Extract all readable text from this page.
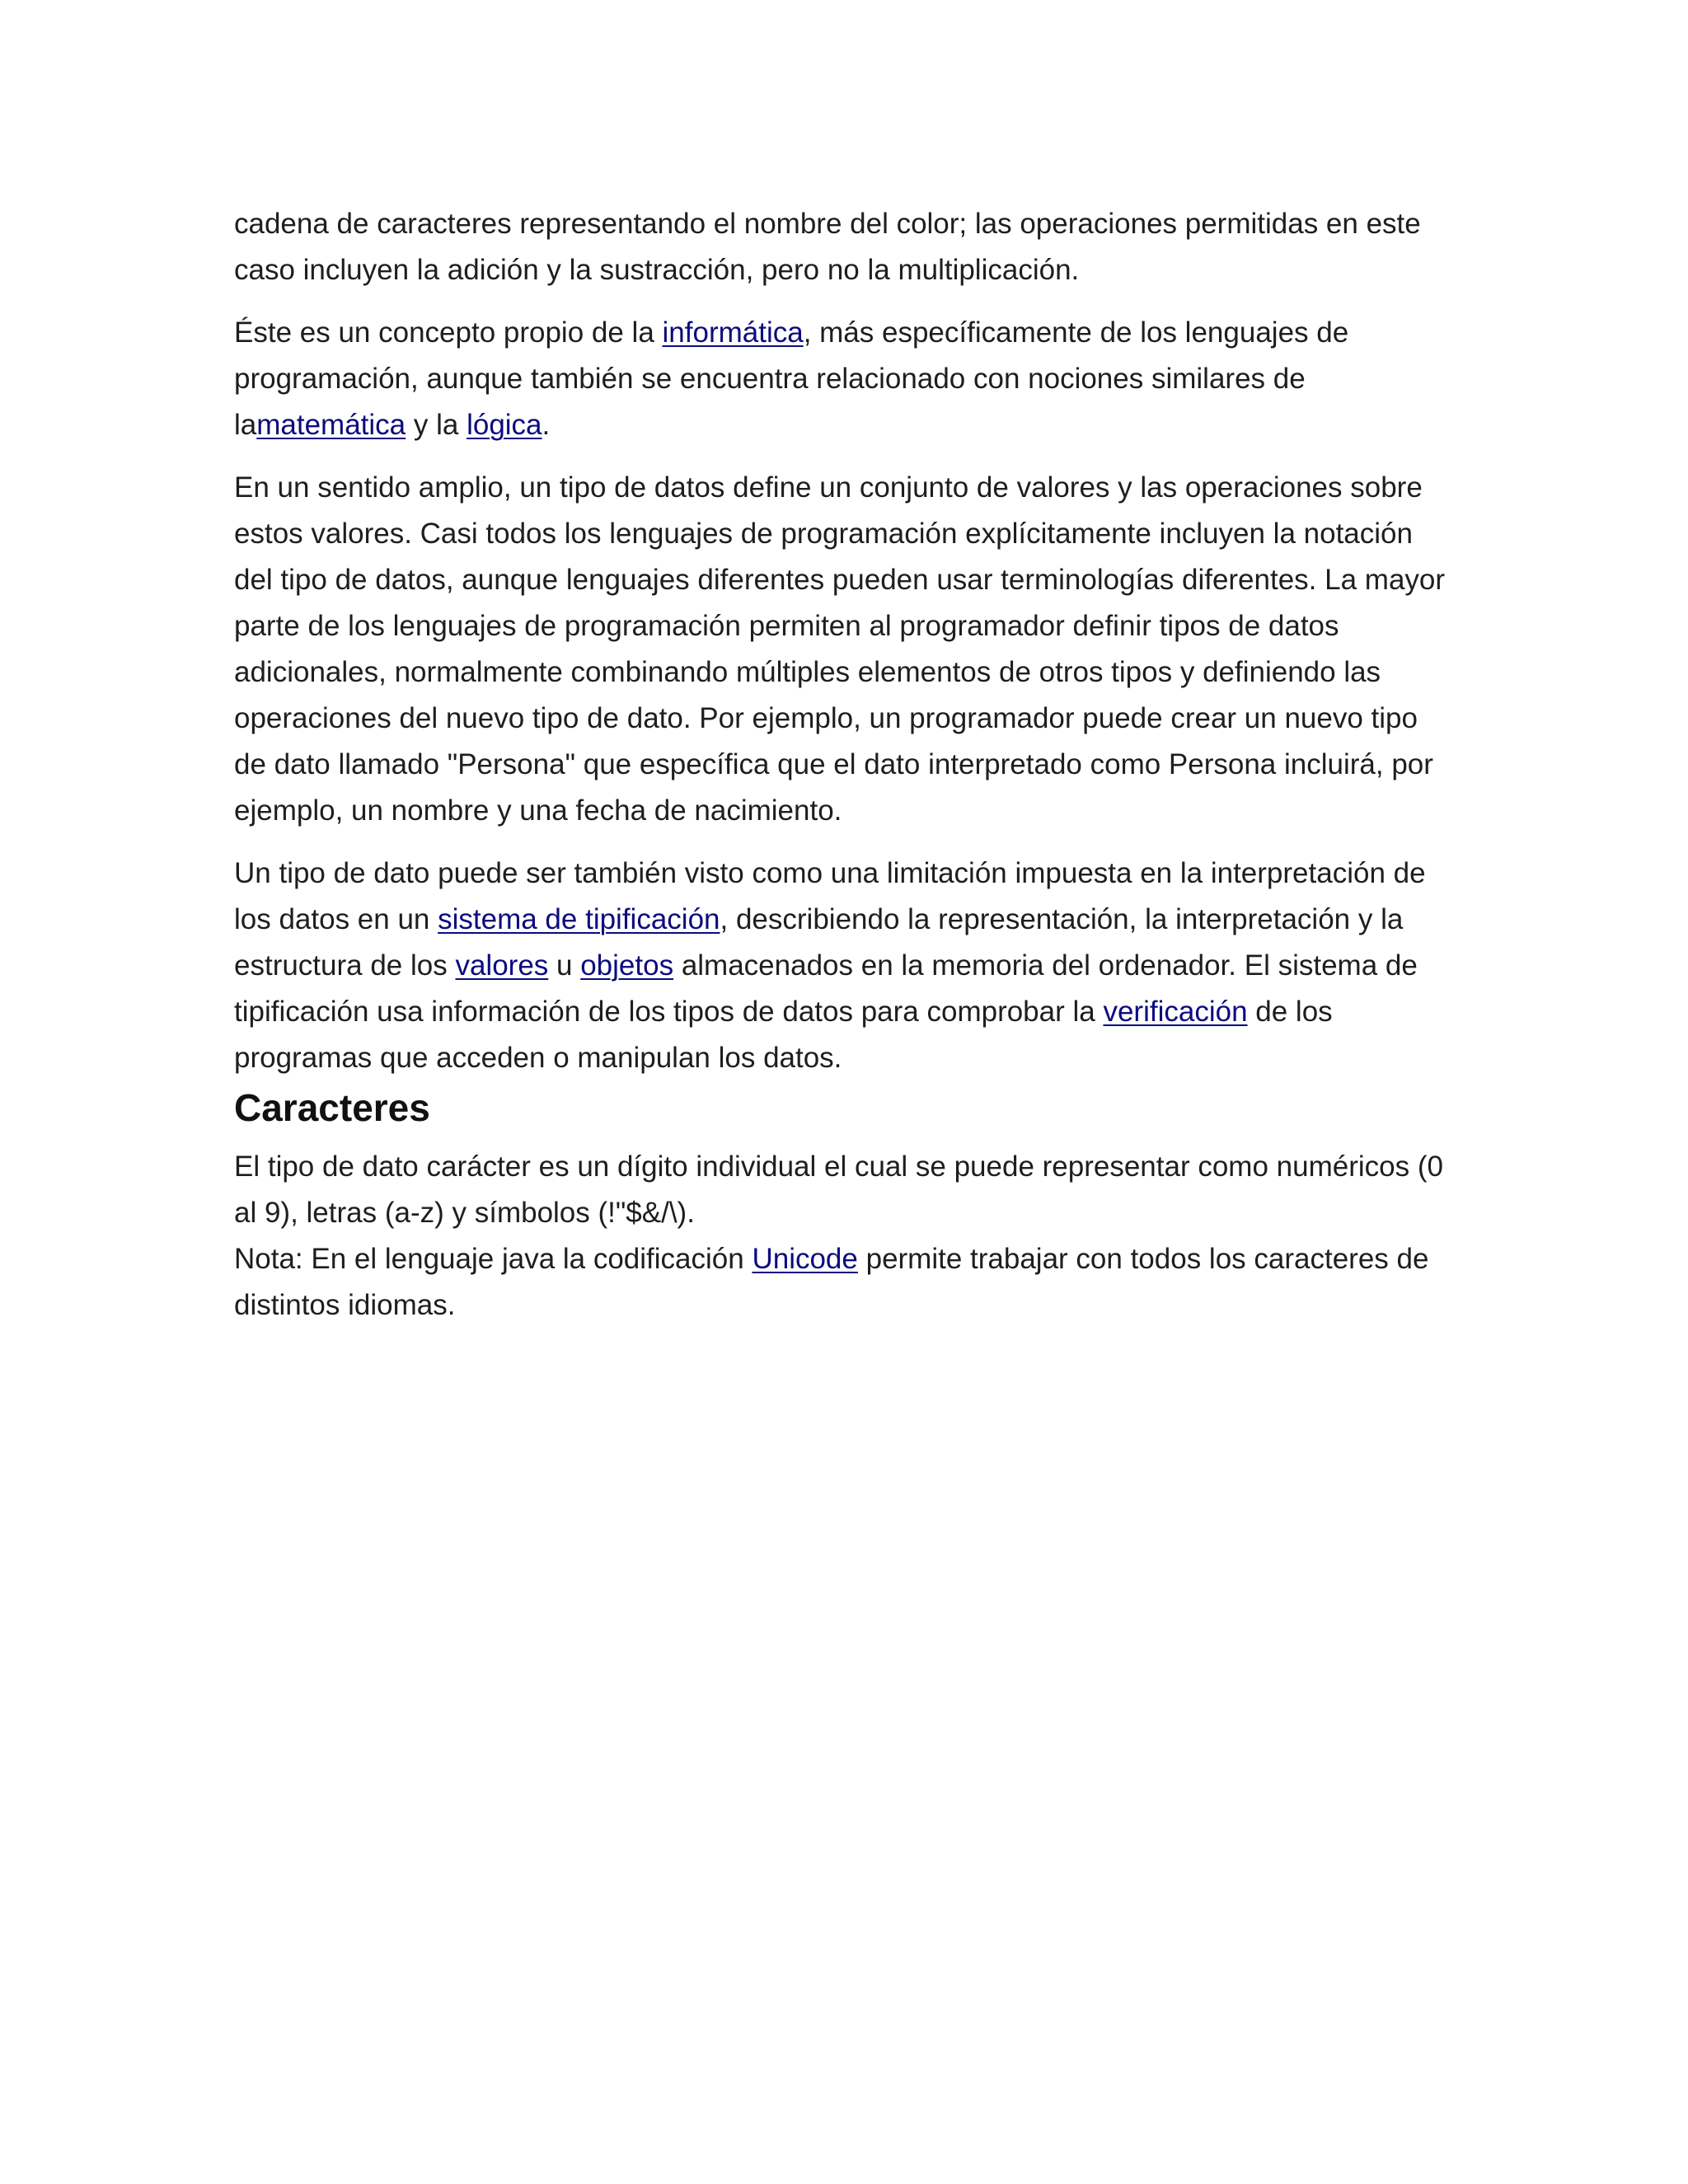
cadena de caracteres representando el nombre del color; las operaciones permitidas en este caso incluyen la adición y la sustracción, pero no la multiplicación.

Éste es un concepto propio de la informática, más específicamente de los lenguajes de programación, aunque también se encuentra relacionado con nociones similares de lamatemática y la lógica.

En un sentido amplio, un tipo de datos define un conjunto de valores y las operaciones sobre estos valores. Casi todos los lenguajes de programación explícitamente incluyen la notación del tipo de datos, aunque lenguajes diferentes pueden usar terminologías diferentes. La mayor parte de los lenguajes de programación permiten al programador definir tipos de datos adicionales, normalmente combinando múltiples elementos de otros tipos y definiendo las operaciones del nuevo tipo de dato. Por ejemplo, un programador puede crear un nuevo tipo de dato llamado "Persona" que específica que el dato interpretado como Persona incluirá, por ejemplo, un nombre y una fecha de nacimiento.

Un tipo de dato puede ser también visto como una limitación impuesta en la interpretación de los datos en un sistema de tipificación, describiendo la representación, la interpretación y la estructura de los valores u objetos almacenados en la memoria del ordenador. El sistema de tipificación usa información de los tipos de datos para comprobar la verificación de los programas que acceden o manipulan los datos.

Caracteres

El tipo de dato carácter es un dígito individual el cual se puede representar como numéricos (0 al 9), letras (a-z) y símbolos (!"$&/\).

Nota: En el lenguaje java la codificación Unicode permite trabajar con todos los caracteres de distintos idiomas.
